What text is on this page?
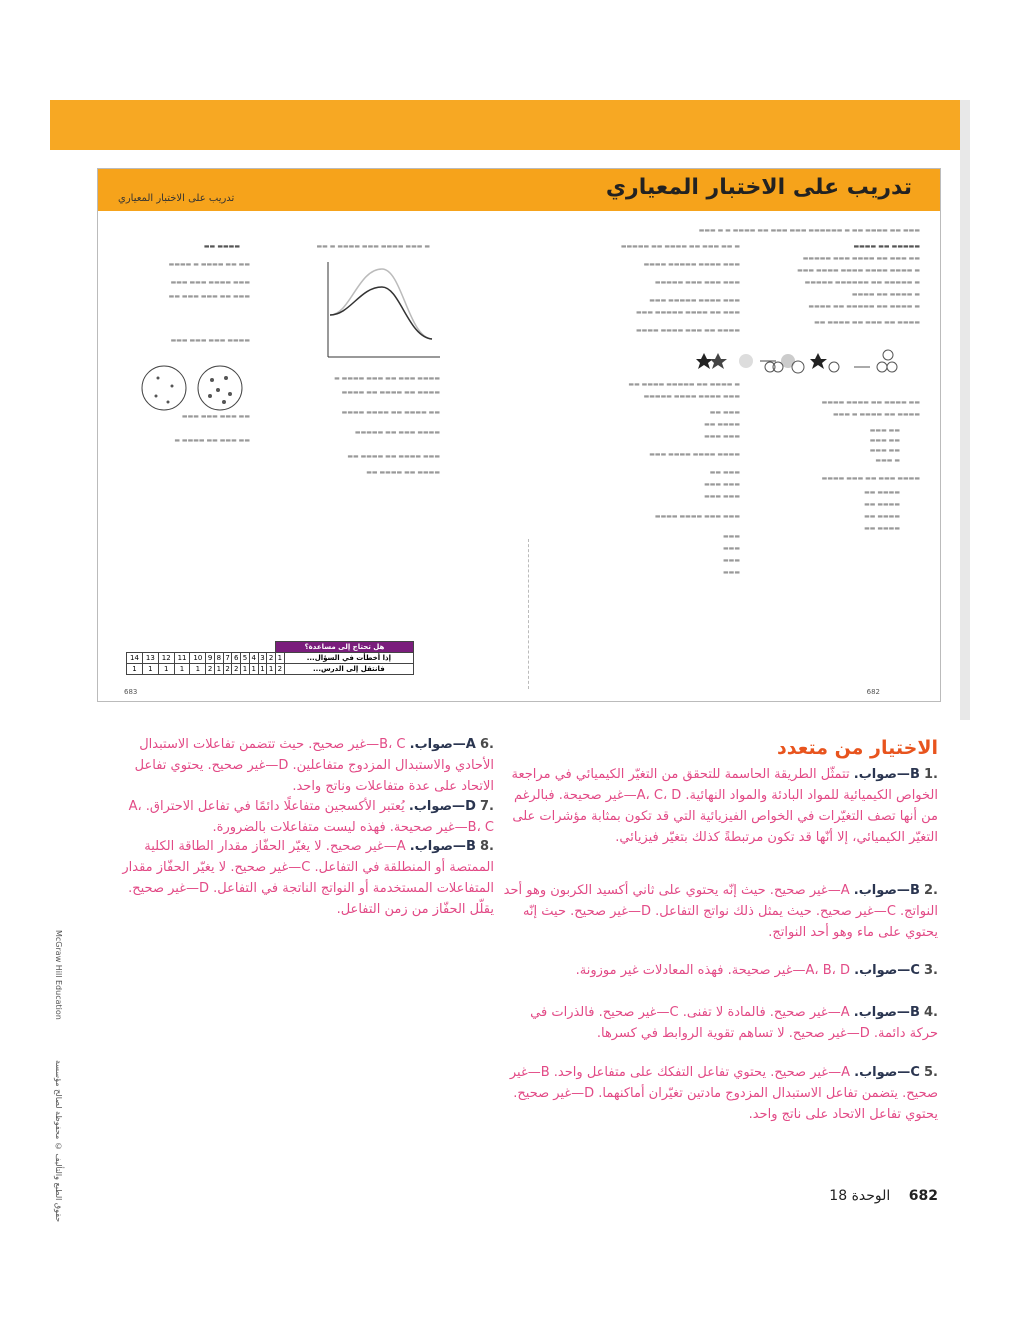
تدريب على الاختبار المعياري
تدريب على الاختبار المعياري
▬▬▬ ▬▬ ▬▬▬▬ ▬▬ ▬ ▬▬▬▬▬▬ ▬▬▬ ▬▬▬ ▬▬ ▬▬▬▬ ▬ ▬ ▬▬▬
▬▬▬▬▬ ▬▬ ▬▬▬▬
▬▬ ▬▬▬ ▬▬ ▬▬▬▬ ▬▬▬ ▬▬▬▬▬
▬ ▬▬▬▬ ▬▬▬▬ ▬▬▬▬ ▬▬▬▬ ▬▬▬
▬ ▬▬▬▬▬ ▬▬ ▬▬▬▬▬▬ ▬▬▬▬▬
▬ ▬▬▬▬ ▬▬ ▬▬▬▬
▬ ▬▬▬▬ ▬▬ ▬▬▬▬▬ ▬▬ ▬▬▬▬
▬▬▬▬ ▬▬ ▬▬▬ ▬▬ ▬▬▬▬ ▬▬
▬▬ ▬▬▬▬ ▬▬ ▬▬▬▬ ▬▬▬▬
▬▬▬▬ ▬▬ ▬▬▬▬ ▬ ▬▬▬
▬▬ ▬▬▬
▬▬ ▬▬▬
▬▬ ▬▬▬
▬ ▬▬▬
▬▬▬▬ ▬▬▬ ▬▬ ▬▬▬ ▬▬▬▬
▬▬▬▬ ▬▬
▬▬▬▬ ▬▬
▬▬▬▬ ▬▬
▬▬▬▬ ▬▬
▬ ▬▬ ▬▬▬ ▬▬ ▬▬▬▬ ▬▬ ▬▬▬▬▬
▬▬▬ ▬▬▬▬ ▬▬▬▬▬ ▬▬▬▬
▬▬▬ ▬▬▬ ▬▬▬ ▬▬▬▬▬
▬▬▬ ▬▬▬▬ ▬▬▬▬▬ ▬▬▬
▬▬▬ ▬▬ ▬▬▬▬ ▬▬▬▬▬ ▬▬▬
▬▬▬▬ ▬▬ ▬▬▬ ▬▬▬▬ ▬▬▬▬
▬ ▬▬▬▬ ▬▬ ▬▬▬▬▬ ▬▬▬▬ ▬▬
▬▬▬ ▬▬▬▬ ▬▬▬▬ ▬▬▬▬▬
▬▬▬ ▬▬
▬▬▬▬ ▬▬
▬▬▬ ▬▬▬
▬▬▬▬ ▬▬▬▬ ▬▬▬▬ ▬▬▬
▬▬▬ ▬▬
▬▬▬ ▬▬▬
▬▬▬ ▬▬▬
▬▬▬ ▬▬▬ ▬▬▬▬ ▬▬▬▬
▬▬▬
▬▬▬
▬▬▬
▬▬▬
▬ ▬▬▬ ▬▬▬▬ ▬▬▬ ▬▬▬▬ ▬ ▬▬
▬▬▬▬ ▬▬▬ ▬▬ ▬▬▬ ▬▬▬▬ ▬
▬▬▬▬ ▬▬ ▬▬▬▬ ▬▬ ▬▬▬▬
▬▬ ▬▬▬▬ ▬▬ ▬▬▬▬ ▬▬▬▬
▬▬▬▬ ▬▬▬ ▬▬ ▬▬▬▬▬
▬▬▬ ▬▬▬▬ ▬▬ ▬▬▬▬ ▬▬
▬▬▬▬ ▬▬ ▬▬▬▬ ▬▬
▬▬▬▬ ▬▬
▬▬ ▬▬ ▬▬▬▬ ▬ ▬▬▬▬
▬▬▬ ▬▬▬▬ ▬▬▬ ▬▬▬
▬▬▬ ▬▬ ▬▬▬ ▬▬▬ ▬▬
▬▬▬▬ ▬▬▬ ▬▬▬ ▬▬▬
▬▬ ▬▬▬ ▬▬▬ ▬▬▬
▬▬ ▬▬▬ ▬▬ ▬▬▬▬ ▬
هل تحتاج إلى مساعدة؟														
إذا أخطأت في السؤال...	1	2	3	4	5	6	7	8	9	10	11	12	13	14
فانتقل إلى الدرس...	2	1	1	1	1	2	2	1	2	1	1	1	1	1
682
683
الاختيار من متعدد
.1 B—صواب. تتمثّل الطريقة الحاسمة للتحقق من التغيّر الكيميائي في مراجعة الخواص الكيميائية للمواد البادئة والمواد النهائية. A، C، D—غير صحيحة. فبالرغم من أنها تصف التغيّرات في الخواص الفيزيائية التي قد تكون بمثابة مؤشرات على التغيّر الكيميائي، إلا أنّها قد تكون مرتبطةً كذلك بتغيّر فيزيائي.
.2 B—صواب. A—غير صحيح. حيث إنّه يحتوي على ثاني أكسيد الكربون وهو أحد النواتج. C—غير صحيح. حيث يمثل ذلك نواتج التفاعل. D—غير صحيح. حيث إنّه يحتوي على ماء وهو أحد النواتج.
.3 C—صواب. A، B، D—غير صحيحة. فهذه المعادلات غير موزونة.
.4 B—صواب. A—غير صحيح. فالمادة لا تفنى. C—غير صحيح. فالذرات في حركة دائمة. D—غير صحيح. لا تساهم تقوية الروابط في كسرها.
.5 C—صواب. A—غير صحيح. يحتوي تفاعل التفكك على متفاعل واحد. B—غير صحيح. يتضمن تفاعل الاستبدال المزدوج مادتين تغيّران أماكنهما. D—غير صحيح. يحتوي تفاعل الاتحاد على ناتج واحد.
.6 A—صواب. B، C—غير صحيح. حيث تتضمن تفاعلات الاستبدال الأحادي والاستبدال المزدوج متفاعلين. D—غير صحيح. يحتوي تفاعل الاتحاد على عدة متفاعلات وناتج واحد.
.7 D—صواب. يُعتبر الأكسجين متفاعلًا دائمًا في تفاعل الاحتراق. A، B، C—غير صحيحة. فهذه ليست متفاعلات بالضرورة.
.8 B—صواب. A—غير صحيح. لا يغيّر الحفّاز مقدار الطاقة الكلية الممتصة أو المنطلقة في التفاعل. C—غير صحيح. لا يغيّر الحفّاز مقدار المتفاعلات المستخدمة أو النواتج الناتجة في التفاعل. D—غير صحيح. يقلّل الحفّاز من زمن التفاعل.
McGraw Hill Education
حقوق الطبع والتأليف © محفوظة لصالح مؤسسة	682 الوحدة 18
